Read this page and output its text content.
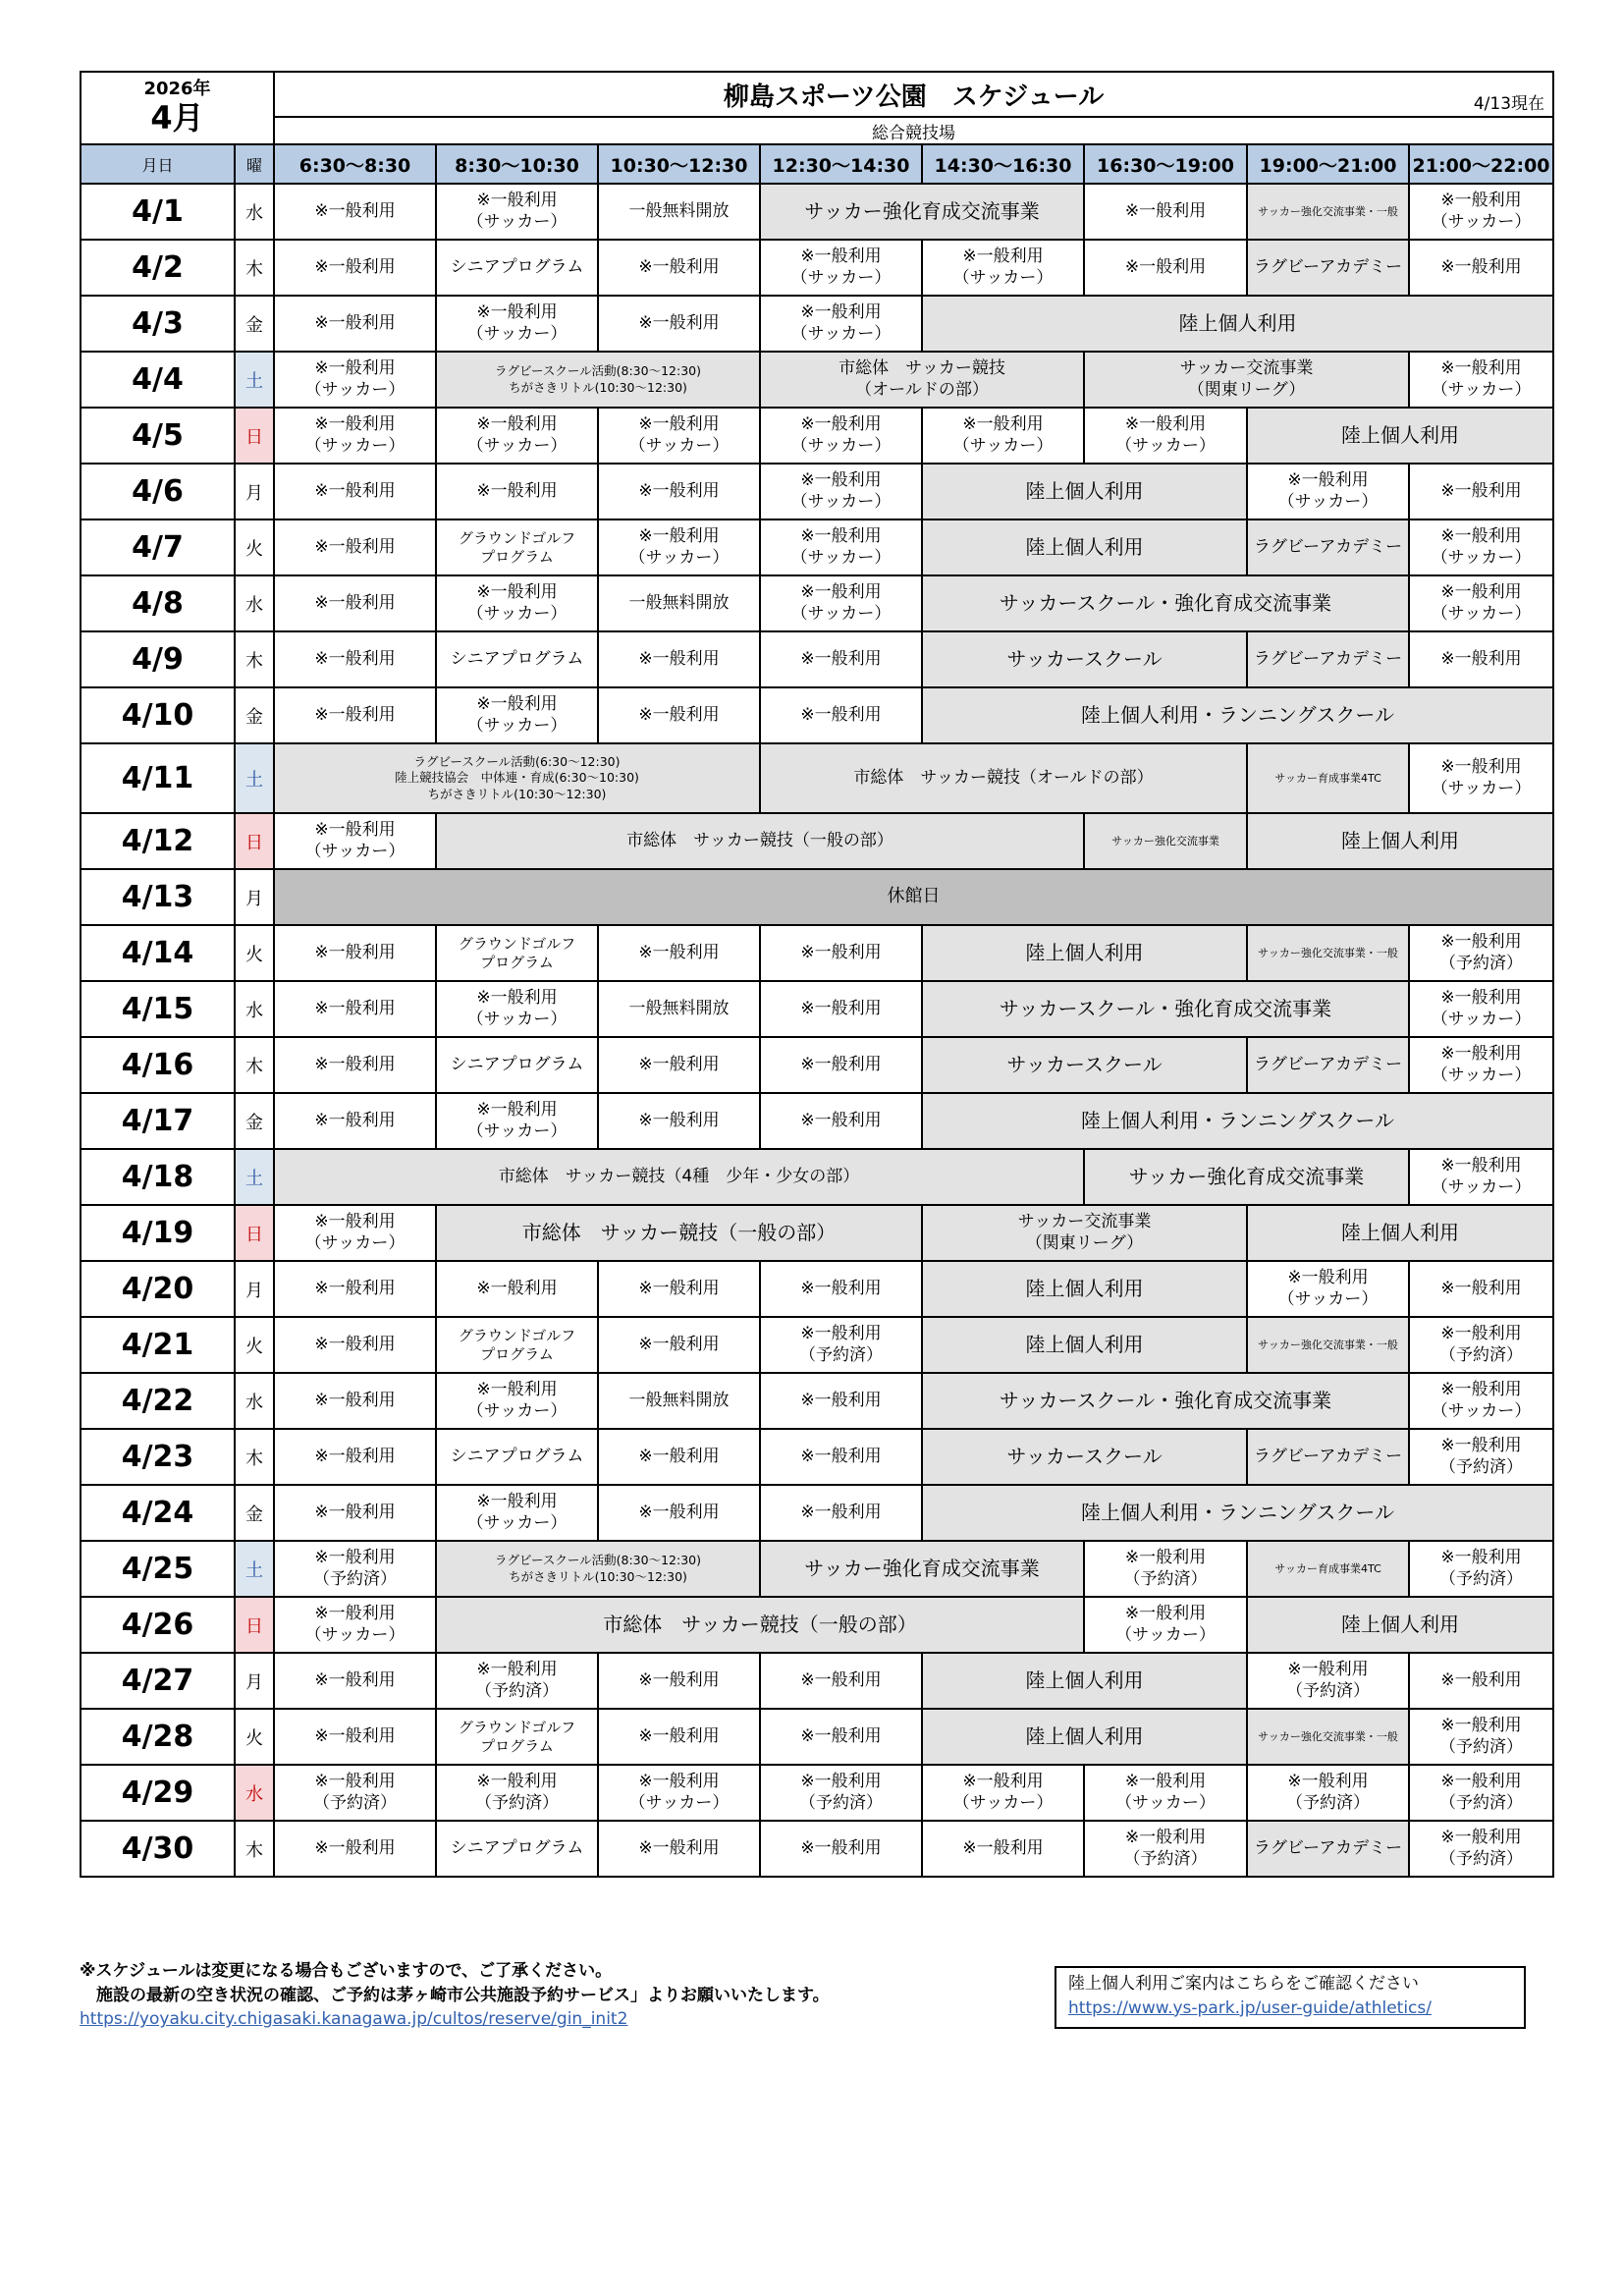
2026年
4月		柳島スポーツ公園　スケジュール 4/13現在							

		総合競技場							
月日	曜	6:30～8:30	8:30～10:30	10:30～12:30	12:30～14:30	14:30～16:30	16:30～19:00	19:00～21:00	21:00～22:00
4/1	水	※一般利用	※一般利用
（サッカー）	一般無料開放	サッカー強化育成交流事業		※一般利用	サッカー強化交流事業・一般	※一般利用
（サッカー）
4/2	木	※一般利用	シニアプログラム	※一般利用	※一般利用
（サッカー）	※一般利用
（サッカー）	※一般利用	ラグビーアカデミー	※一般利用
4/3	金	※一般利用	※一般利用
（サッカー）	※一般利用	※一般利用
（サッカー）	陸上個人利用			
4/4	土	※一般利用
（サッカー）	ラグビースクール活動(8:30～12:30)
ちがさきリトル(10:30～12:30)		市総体　サッカー競技
（オールドの部）		サッカー交流事業
（関東リーグ）		※一般利用
（サッカー）
4/5	日	※一般利用
（サッカー）	※一般利用
（サッカー）	※一般利用
（サッカー）	※一般利用
（サッカー）	※一般利用
（サッカー）	※一般利用
（サッカー）	陸上個人利用	
4/6	月	※一般利用	※一般利用	※一般利用	※一般利用
（サッカー）	陸上個人利用		※一般利用
（サッカー）	※一般利用
4/7	火	※一般利用	グラウンドゴルフ
プログラム	※一般利用
（サッカー）	※一般利用
（サッカー）	陸上個人利用		ラグビーアカデミー	※一般利用
（サッカー）
4/8	水	※一般利用	※一般利用
（サッカー）	一般無料開放	※一般利用
（サッカー）	サッカースクール・強化育成交流事業			※一般利用
（サッカー）
4/9	木	※一般利用	シニアプログラム	※一般利用	※一般利用	サッカースクール		ラグビーアカデミー	※一般利用
4/10	金	※一般利用	※一般利用
（サッカー）	※一般利用	※一般利用	陸上個人利用・ランニングスクール			
4/11	土	ラグビースクール活動(6:30～12:30)
陸上競技協会　中体連・育成(6:30～10:30)
ちがさきリトル(10:30～12:30)			市総体　サッカー競技（オールドの部）			サッカー育成事業4TC	※一般利用
（サッカー）
4/12	日	※一般利用
（サッカー）	市総体　サッカー競技（一般の部）				サッカー強化交流事業	陸上個人利用	
4/13	月	休館日							
4/14	火	※一般利用	グラウンドゴルフ
プログラム	※一般利用	※一般利用	陸上個人利用		サッカー強化交流事業・一般	※一般利用
（予約済）
4/15	水	※一般利用	※一般利用
（サッカー）	一般無料開放	※一般利用	サッカースクール・強化育成交流事業			※一般利用
（サッカー）
4/16	木	※一般利用	シニアプログラム	※一般利用	※一般利用	サッカースクール		ラグビーアカデミー	※一般利用
（サッカー）
4/17	金	※一般利用	※一般利用
（サッカー）	※一般利用	※一般利用	陸上個人利用・ランニングスクール			
4/18	土	市総体　サッカー競技（4種　少年・少女の部）					サッカー強化育成交流事業		※一般利用
（サッカー）
4/19	日	※一般利用
（サッカー）	市総体　サッカー競技（一般の部）			サッカー交流事業
（関東リーグ）		陸上個人利用	
4/20	月	※一般利用	※一般利用	※一般利用	※一般利用	陸上個人利用		※一般利用
（サッカー）	※一般利用
4/21	火	※一般利用	グラウンドゴルフ
プログラム	※一般利用	※一般利用
（予約済）	陸上個人利用		サッカー強化交流事業・一般	※一般利用
（予約済）
4/22	水	※一般利用	※一般利用
（サッカー）	一般無料開放	※一般利用	サッカースクール・強化育成交流事業			※一般利用
（サッカー）
4/23	木	※一般利用	シニアプログラム	※一般利用	※一般利用	サッカースクール		ラグビーアカデミー	※一般利用
（予約済）
4/24	金	※一般利用	※一般利用
（サッカー）	※一般利用	※一般利用	陸上個人利用・ランニングスクール			
4/25	土	※一般利用
（予約済）	ラグビースクール活動(8:30～12:30)
ちがさきリトル(10:30～12:30)		サッカー強化育成交流事業		※一般利用
（予約済）	サッカー育成事業4TC	※一般利用
（予約済）
4/26	日	※一般利用
（サッカー）	市総体　サッカー競技（一般の部）				※一般利用
（サッカー）	陸上個人利用	
4/27	月	※一般利用	※一般利用
（予約済）	※一般利用	※一般利用	陸上個人利用		※一般利用
（予約済）	※一般利用
4/28	火	※一般利用	グラウンドゴルフ
プログラム	※一般利用	※一般利用	陸上個人利用		サッカー強化交流事業・一般	※一般利用
（予約済）
4/29	水	※一般利用
（予約済）	※一般利用
（予約済）	※一般利用
（サッカー）	※一般利用
（予約済）	※一般利用
（サッカー）	※一般利用
（サッカー）	※一般利用
（予約済）	※一般利用
（予約済）
4/30	木	※一般利用	シニアプログラム	※一般利用	※一般利用	※一般利用	※一般利用
（予約済）	ラグビーアカデミー	※一般利用
（予約済）
※スケジュールは変更になる場合もございますので、ご了承ください。
　施設の最新の空き状況の確認、ご予約は茅ヶ崎市公共施設予約サービス」よりお願いいたします。
https://yoyaku.city.chigasaki.kanagawa.jp/cultos/reserve/gin_init2
陸上個人利用ご案内はこちらをご確認ください
https://www.ys-park.jp/user-guide/athletics/
